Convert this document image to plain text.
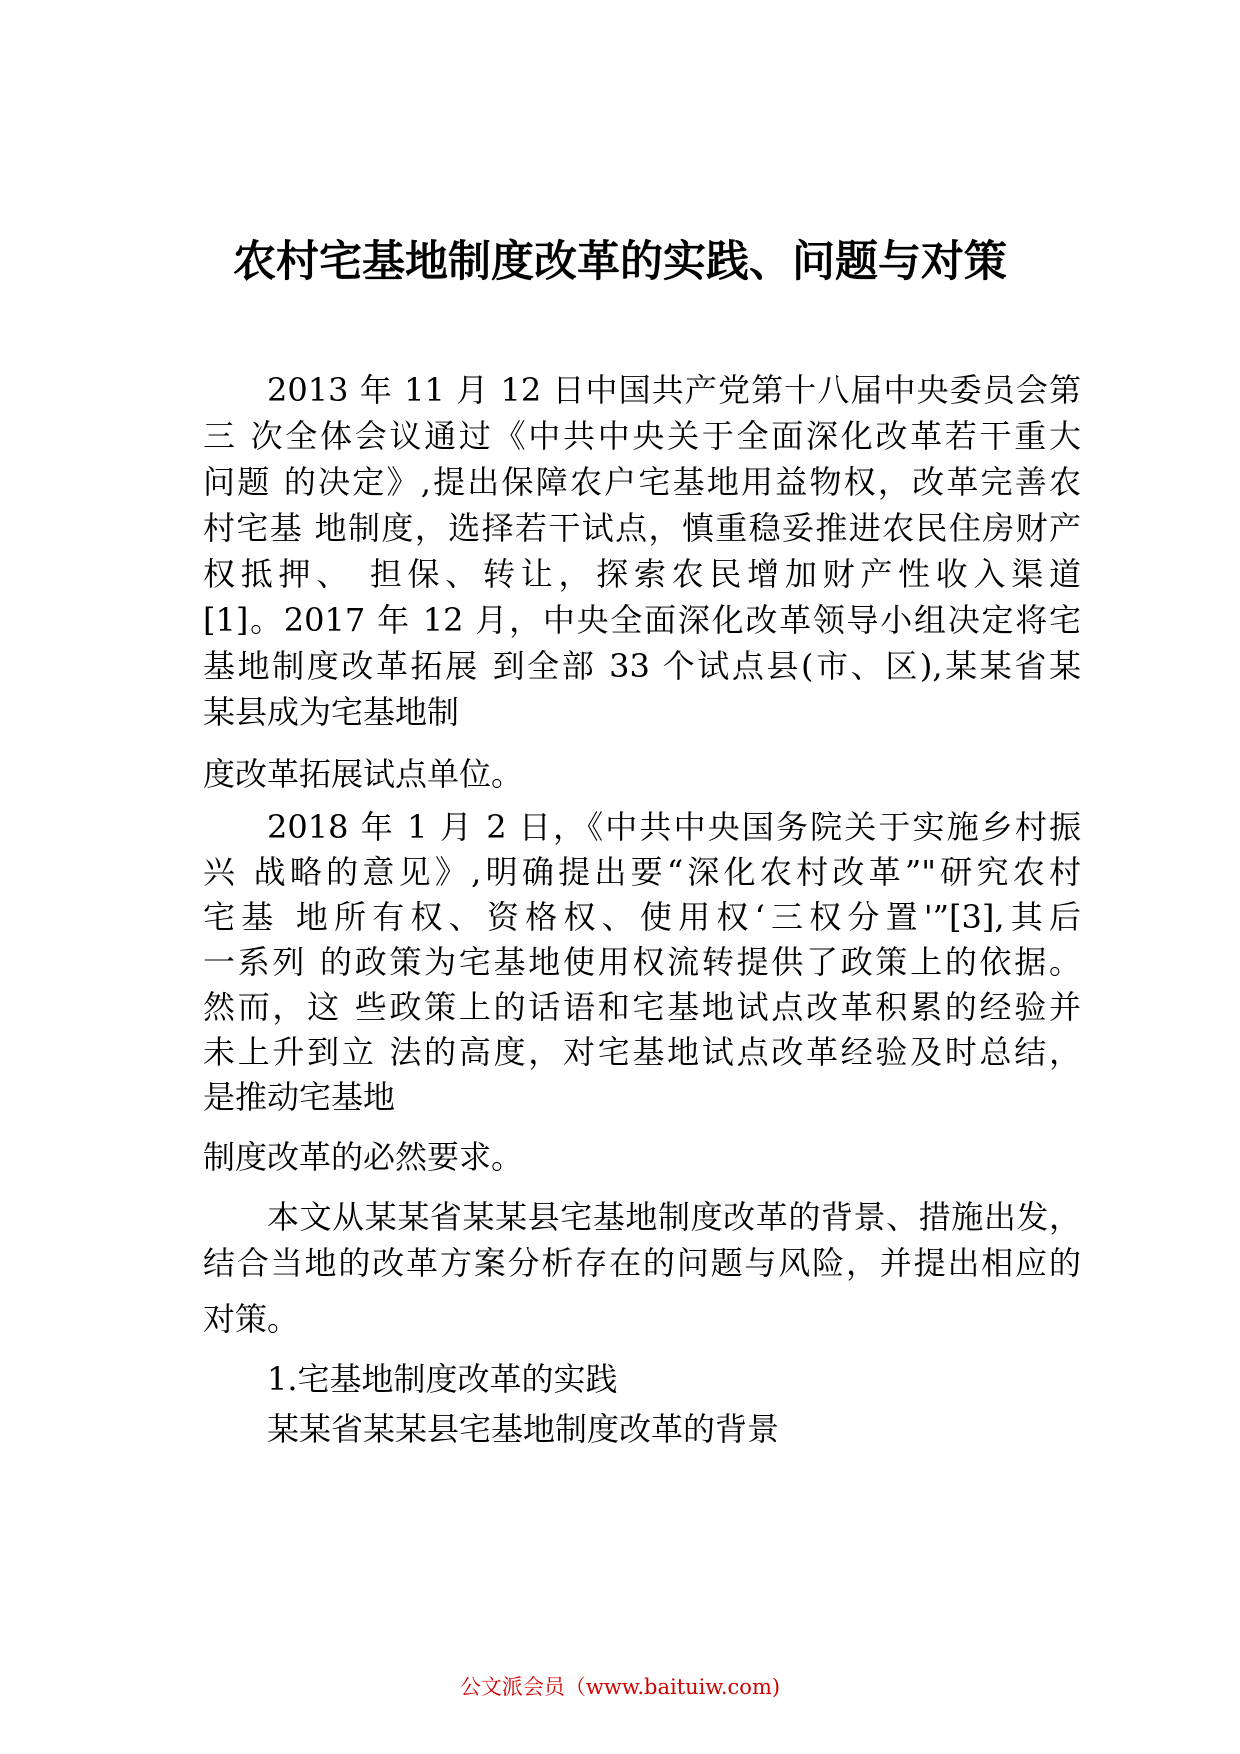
农村宅基地制度改革的实践、问题与对策

2013 年 11 月 12 日中国共产党第十八届中央委员会第

三 次全体会议通过《中共中央关于全面深化改革若干重大

问题 的决定》,提出保障农户宅基地用益物权，改革完善农

村宅基 地制度，选择若干试点，慎重稳妥推进农民住房财产

权抵押、 担保、转让，探索农民增加财产性收入渠道

[1]。2017 年 12 月，中央全面深化改革领导小组决定将宅

基地制度改革拓展 到全部 33 个试点县(市、区),某某省某

某县成为宅基地制

度改革拓展试点单位。

2018 年 1 月 2 日，《中共中央国务院关于实施乡村振

兴 战略的意见》,明确提出要“深化农村改革”"研究农村

宅基 地所有权、资格权、使用权‘三权分置'”[3],其后

一系列 的政策为宅基地使用权流转提供了政策上的依据。

然而，这 些政策上的话语和宅基地试点改革积累的经验并

未上升到立 法的高度，对宅基地试点改革经验及时总结，

是推动宅基地

制度改革的必然要求。

本文从某某省某某县宅基地制度改革的背景、措施出发，

结合当地的改革方案分析存在的问题与风险，并提出相应的

对策。

1.宅基地制度改革的实践

某某省某某县宅基地制度改革的背景

公文派会员（www.baituiw.com)
